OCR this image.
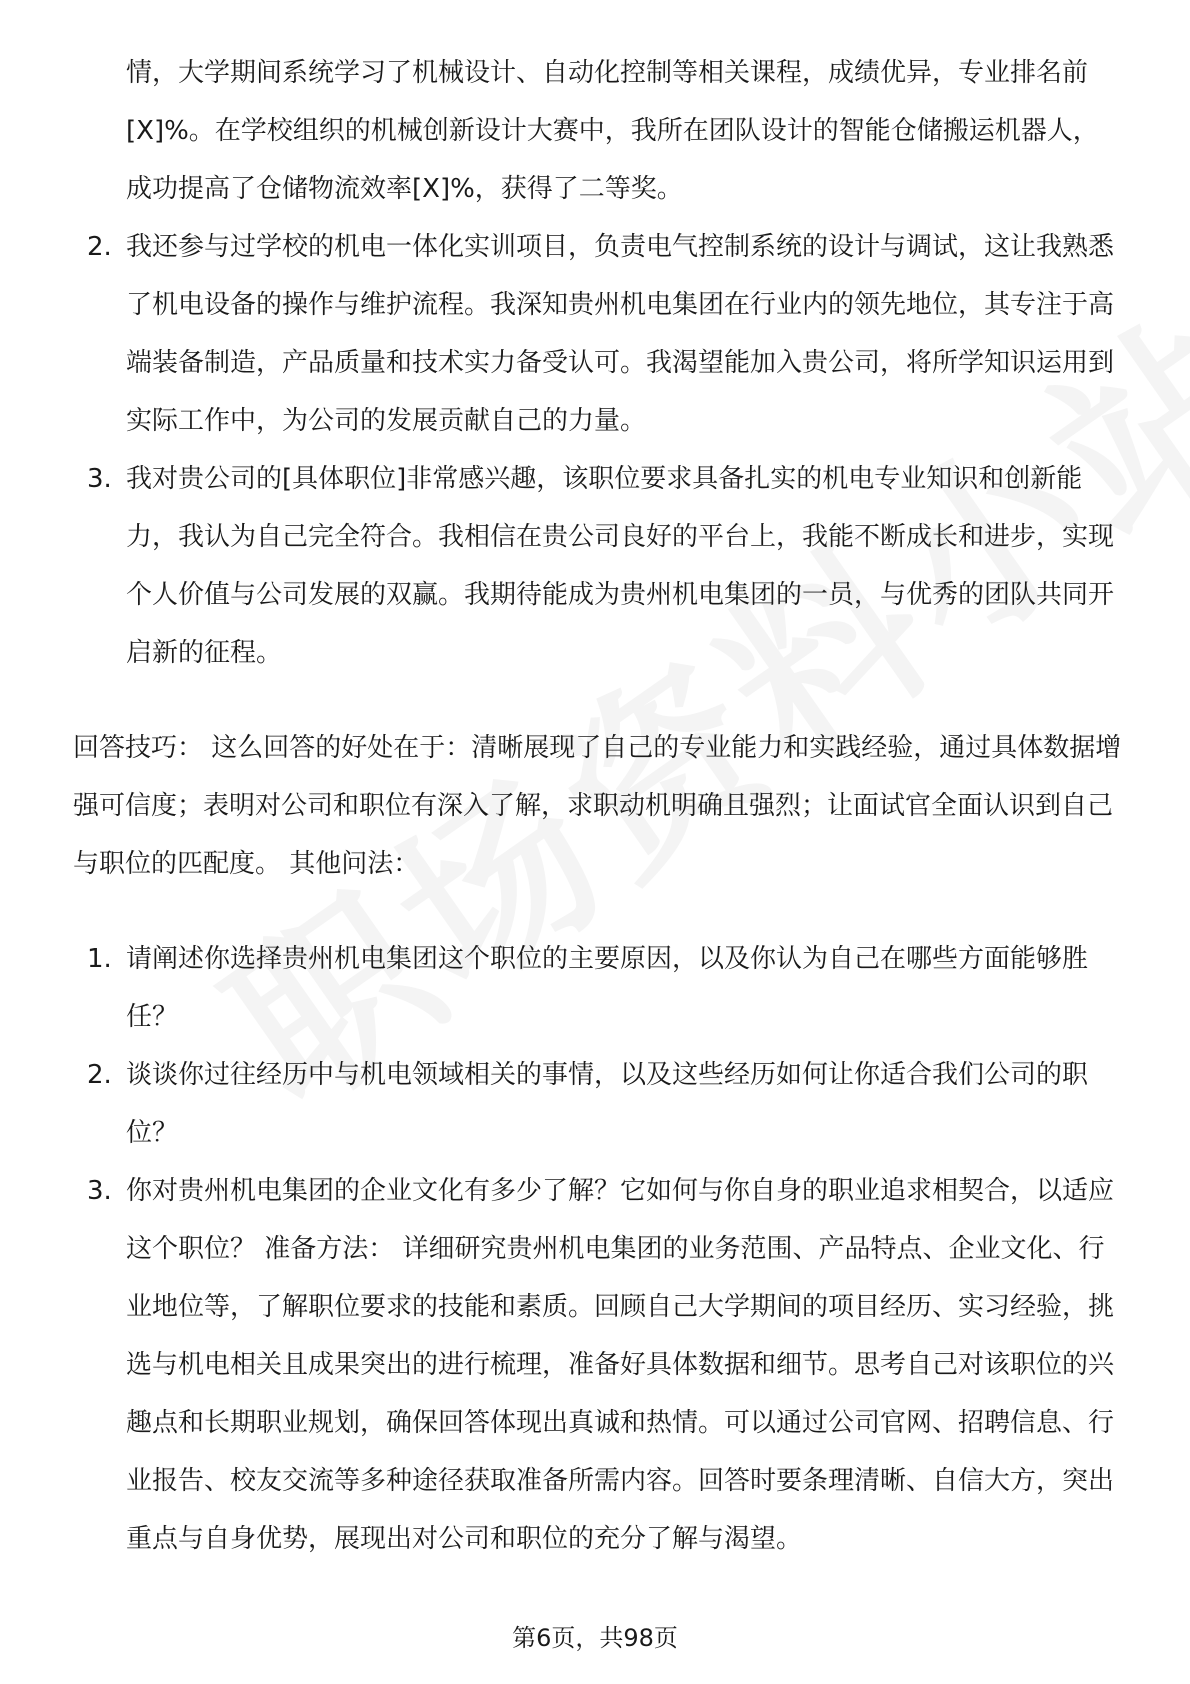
情，大学期间系统学习了机械设计、自动化控制等相关课程，成绩优异，专业排名前[X]%。在学校组织的机械创新设计大赛中，我所在团队设计的智能仓储搬运机器人，成功提高了仓储物流效率[X]%，获得了二等奖。

2. 我还参与过学校的机电一体化实训项目，负责电气控制系统的设计与调试，这让我熟悉了机电设备的操作与维护流程。我深知贵州机电集团在行业内的领先地位，其专注于高端装备制造，产品质量和技术实力备受认可。我渴望能加入贵公司，将所学知识运用到实际工作中，为公司的发展贡献自己的力量。

3. 我对贵公司的[具体职位]非常感兴趣，该职位要求具备扎实的机电专业知识和创新能力，我认为自己完全符合。我相信在贵公司良好的平台上，我能不断成长和进步，实现个人价值与公司发展的双赢。我期待能成为贵州机电集团的一员，与优秀的团队共同开启新的征程。

回答技巧： 这么回答的好处在于：清晰展现了自己的专业能力和实践经验，通过具体数据增强可信度；表明对公司和职位有深入了解，求职动机明确且强烈；让面试官全面认识到自己与职位的匹配度。 其他问法：

1. 请阐述你选择贵州机电集团这个职位的主要原因，以及你认为自己在哪些方面能够胜任？

2. 谈谈你过往经历中与机电领域相关的事情，以及这些经历如何让你适合我们公司的职位？

3. 你对贵州机电集团的企业文化有多少了解？它如何与你自身的职业追求相契合，以适应这个职位？ 准备方法： 详细研究贵州机电集团的业务范围、产品特点、企业文化、行业地位等，了解职位要求的技能和素质。回顾自己大学期间的项目经历、实习经验，挑选与机电相关且成果突出的进行梳理，准备好具体数据和细节。思考自己对该职位的兴趣点和长期职业规划，确保回答体现出真诚和热情。可以通过公司官网、招聘信息、行业报告、校友交流等多种途径获取准备所需内容。回答时要条理清晰、自信大方，突出重点与自身优势，展现出对公司和职位的充分了解与渴望。

第6页，共98页
